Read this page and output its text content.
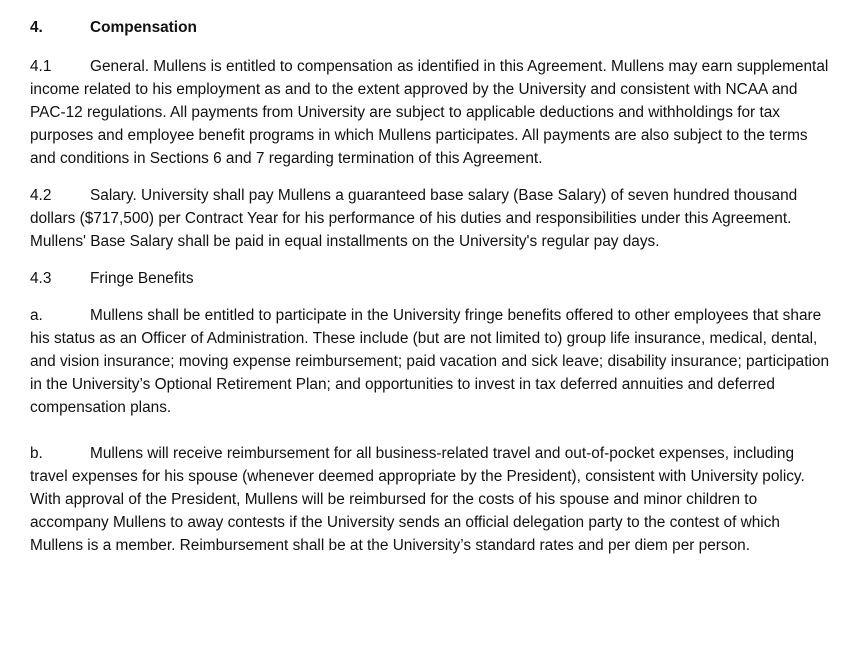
4.	Compensation

4.1	General. Mullens is entitled to compensation as identified in this Agreement. Mullens may earn supplemental income related to his employment as and to the extent approved by the University and consistent with NCAA and PAC-12 regulations. All payments from University are subject to applicable deductions and withholdings for tax purposes and employee benefit programs in which Mullens participates. All payments are also subject to the terms and conditions in Sections 6 and 7 regarding termination of this Agreement.

4.2	Salary. University shall pay Mullens a guaranteed base salary (Base Salary) of seven hundred thousand dollars ($717,500) per Contract Year for his performance of his duties and responsibilities under this Agreement. Mullens' Base Salary shall be paid in equal installments on the University's regular pay days.

4.3	Fringe Benefits

a.	Mullens shall be entitled to participate in the University fringe benefits offered to other employees that share his status as an Officer of Administration. These include (but are not limited to) group life insurance, medical, dental, and vision insurance; moving expense reimbursement; paid vacation and sick leave; disability insurance; participation in the University’s Optional Retirement Plan; and opportunities to invest in tax deferred annuities and deferred compensation plans.

b.	Mullens will receive reimbursement for all business-related travel and out-of-pocket expenses, including travel expenses for his spouse (whenever deemed appropriate by the President), consistent with University policy. With approval of the President, Mullens will be reimbursed for the costs of his spouse and minor children to accompany Mullens to away contests if the University sends an official delegation party to the contest of which Mullens is a member. Reimbursement shall be at the University’s standard rates and per diem per person.
